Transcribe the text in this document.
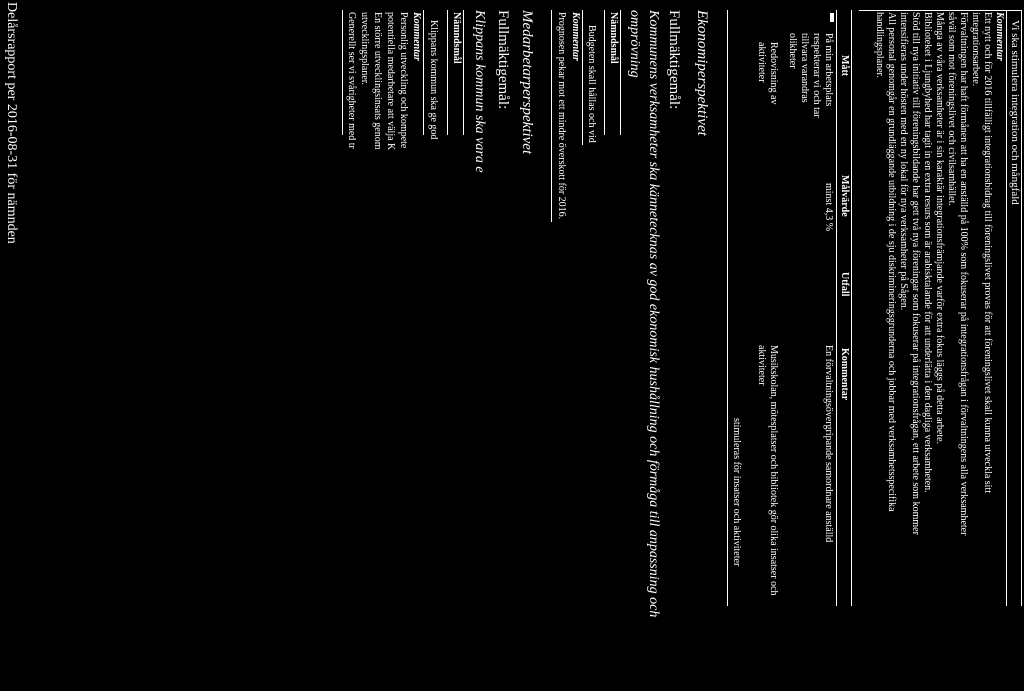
Vi ska stimulera integration och mångfald
Kommentar
Ett nytt och för 2016 tillfälligt integrationsbidrag till föreningslivet provas för att föreningslivet skall kunna utveckla sitt
integrationsarbete.
Förvaltningen har haft förmånen att ha en anställd på 100% som fokuserar på integrationsfrågan i förvaltningens alla verksamheter
såväl som mot föreningslivet och civilsamhället.
Många av våra verksamheter är i sin karaktär integrationsfrämjande varför extra fokus läggs på detta arbete.
Biblioteket i Ljungbyhed har tagit in en extra resurs som är arabisktalande för att underlätta i den dagliga verksamheten.
Stöd till nya initiativ till föreningsbildande har gett två nya föreningar som fokuserar på integrationsfrågan, ett arbete som kommer
intensifieras under hösten med en ny lokal för nya verksamheter på Sågen.
All personal genomgår en grundläggande utbildning i de sju diskrimineringsgrunderna och jobbar med verksamhetsspecifika
handlingsplaner.
Mått
Målvärde
Utfall
Kommentar
På min arbetsplats
respekterar vi och tar
tillvara varandras
olikheter
minst 4,3 %
En förvaltningsövergripande samordnare anställd
Redovisning av
aktiviteter
Musikskolan, mötesplatser och bibliotek gör olika insatser och
aktiviteter
stimuleras för insatser och aktiviteter
Ekonomiperspektivet
Fullmäktigemål:
Kommunens verksamheter ska kännetecknas av god ekonomisk hushållning och förmåga till anpassning och
omprövning
Nämndsmål
Budgeten skall hållas och vid
Kommentar
Prognosen pekar mot ett mindre överskott för 2016.
Medarbetarperspektivet
Fullmäktigemål:
Klippans kommun ska vara e
Nämndsmål
Klippans kommun ska ge god
Kommentar
Personlig utveckling och kompete
potentiella medarbetare att välja K
En större utvecklingsinsats genom
utvecklingsplaner.
Generellt ser vi svårigheter med tr
Delårsrapport per 2016-08-31 för nämnden
